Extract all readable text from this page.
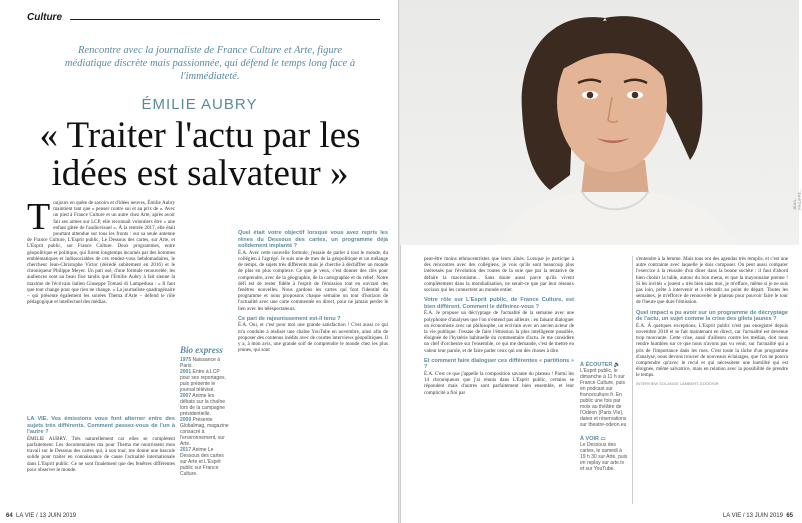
Culture
Rencontre avec la journaliste de France Culture et Arte, figure médiatique discrète mais passionnée, qui défend le temps long face à l'immédiateté.
ÉMILIE AUBRY
« Traiter l'actu par les idées est salvateur »
T oujours en quête de savoirs et d'idées neuves, Émilie Aubry maintient tant que « penser contre soi et au prix de ». Avec un pied à France Culture et un autre chez Arte, après avoir fait ses armes sur LCP, elle reconnaît volontiers être « une enfant gâtée de l'audiovisuel ». À la rentrée 2017, elle était pourtant attendue sur tous les fronts : sur sa seule antenne de France Culture, L'Esprit public, Le Dessous des cartes, sur Arte, et L'Esprit public, sur France Culture. Deux programmes, entre géopolitique et politique, qui furent longtemps incarnés par des hommes emblématiques et indissociables de ces rendez-vous hebdomadaires, le chercheur Jean-Christophe Victor (décédé subitement en 2016) et le chroniqueur Philippe Meyer. Un pari osé, d'une formule renouvelée, les audiences sont au beau fixe tandis que l'Émilie Aubry à fait sienne la maxime de l'écrivain italien Giuseppe Tomasi di Lampedusa : « Il faut que tout change pour que rien ne change. » La journaliste quadragénaire – qui présente également les soirées Thema d'Arte – défend le rôle pédagogique et intellectuel des médias.
Bio express
1975 Naissance à Paris.
2001 Entre à LCP pour ses reportages, puis présente le journal télévisé.
2007 Anime les débats sur la chaîne lors de la campagne présidentielle.
2009 Présente Globalmag, magazine consacré à l'environnement, sur Arte.
2017 Anime Le Dessous des cartes sur Arte et L'Esprit public sur France Culture.
LA VIE. Vos émissions vous font alterner entre des sujets très différents. Comment passez-vous de l'un à l'autre ?
ÉMILIE AUBRY. Très naturellement car elles se complètent parfaitement. Les documentaires ma pour Thema me nourrissent mon travail sur le Dessous des cartes qui, à son tour, me donne une bascule solide pour traiter en connaissance de cause l'actualité internationale dans L'Esprit public. Ce ne sont finalement que des fenêtres différentes pour observer le monde.
Quel était votre objectif lorsque vous avez repris les rênes du Dessous des cartes, un programme déjà solidement implanté ?
É.A. Avec cette nouvelle formule, j'essaie de parler à tout le monde, du collégien à l'agrégé. Je suis une de mes de la géopolitique et un mélange de temps, de sujets très différents mais je cherche à déchiffrer un monde de plus en plus complexe. Ce que je veux, c'est donner des clés pour comprendre, avec de la géographie, de la cartographie et du relief. Notre défi est de rester fidèle à l'esprit de l'émission tout en ouvrant des fenêtres nouvelles. Nous gardons les cartes qui font l'identité du programme et nous proposons chaque semaine un tour d'horizon de l'actualité avec une carte commentée en direct, pour ne jamais perdre le lien avec les téléspectateurs.
Ce pari de rajeunissement est-il tenu ?
É.A. Oui, et c'est pour moi une grande satisfaction ! C'est aussi ce qui m'a conduite à réaliser une chaîne YouTube en novembre, ainsi afin de proposer des contenus inédits avec de courtes interviews géopolitiques. Il y a, à mon avis, une grande soif de comprendre le monde chez les plus jeunes, qui sont
64 LA VIE / 13 JUIN 2019
JEAN-PHILIPPE...
peut-être moins ethnocentristes que leurs aînés. Lorsque je participe à des rencontres avec des collégiens, je vois qu'ils sont beaucoup plus intéressés par l'évolution des routes de la soie que par la tentative de défaire la macronisme... Sans doute aussi parce qu'ils vivent complètement dans la mondialisation, ne serait-ce que par leur réseaux sociaux qui les connectent au monde entier.
Votre rôle sur L'Esprit public, de France Culture, est bien différent. Comment le définirez-vous ?
É.A. Je propose un décryptage de l'actualité de la semaine avec une polyphonie d'analyses que l'on n'entend pas ailleurs : en faisant dialoguer un économiste avec un philosophe, un écrivain avec un ancien acteur de la vie publique. J'essaie de faire l'émission la plus intelligente possible, éloignée de l'hystérie habituelle du commentaire d'actu. Je me considère un chef d'orchestre sur l'ensemble, ce qui me demande, c'est de mettre en valeur leur parole, et de faire parler ceux qui ont des choses à dire.
Et comment faire dialoguer ces différentes « partitions » ?
É.A. C'est ce que j'appelle la composition savante du plateau ! Parmi les 14 chroniqueurs que j'ai réunis dans L'Esprit public, certains se répondent mais d'autres sont parfaitement bien ensemble, et leur complicité a fini par
À ÉCOUTER 🔈
L'Esprit public, le dimanche à 11 h sur France Culture, puis en podcast sur franceculture.fr. En public une fois par mois au théâtre de l'Odéon (Paris VIe), dates et réservations sur theatre-odeon.eu
À VOIR ▭
Le Dessous des cartes, le samedi à 19 h 30 sur Arte, puis en replay sur arte.tv et sur YouTube.
s'entendre à la lemme. Mais tous ont des agendas très remplis, et c'est une autre contrainte avec laquelle je dois composer. On peut aussi comparer l'exercice à la réussite d'un dîner dans la bonne société : il faut d'abord bien choisir la table, autour du bon menu, et que la mayonnaise prenne ! Si les invités « jouent » très bien sans moi, je m'efface, même si je ne suis pas loin, prête à intervenir et à rebondir au point de départ. Toutes les semaines, je m'efforce de renouveler le plateau pour pouvoir faire le tour de l'heure que dure l'émission.
Quel impact a pu avoir sur un programme de décryptage de l'actu, un sujet comme la crise des gilets jaunes ?
É.A. À quelques exceptions, L'Esprit public n'est pas enregistré depuis novembre 2018 et se fait maintenant en direct, car l'actualité est devenue trop mouvante. Cette crise, aussi d'ailleurs contre les médias, doit nous rendre humbles sur ce que nous n'avons pas vu venir, sur l'actualité qui a pris de l'importance dans les rues. C'est toute la tâche d'un programme d'analyse, nous devons trouver de nouveaux éclairages, que l'on ne pourra comprendre qu'avec le recul et qui nécessitent une humilité qui est éloignée, même salvatrice, mais en relation avec la possibilité de prendre le temps.
INTERVIEW SOLANGE LAMBERT-GOODSIR
LA VIE / 13 JUIN 2019 65
